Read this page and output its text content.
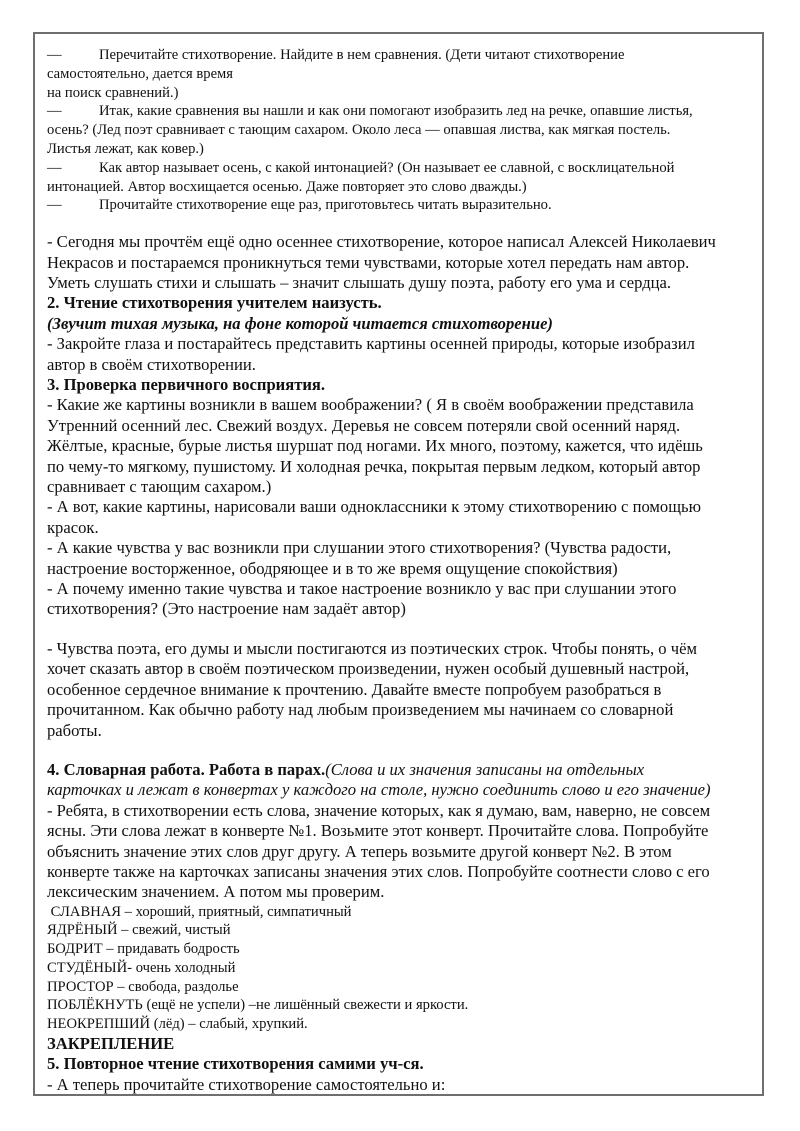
—	Перечитайте стихотворение. Найдите в нем сравнения. (Дети читают стихотворение

самостоятельно, дается время

на поиск сравнений.)

—	Итак, какие сравнения вы нашли и как они помогают изобразить лед на речке, опавшие листья,

осень? (Лед поэт сравнивает с тающим сахаром. Около леса — опавшая листва, как мягкая постель.

Листья лежат, как ковер.)

—	Как автор называет осень, с какой интонацией? (Он называет ее славной, с восклицательной

интонацией. Автор восхищается осенью. Даже повторяет это слово дважды.)

—	Прочитайте стихотворение еще раз, приготовьтесь читать выразительно.

- Сегодня мы прочтём ещё одно осеннее стихотворение, которое написал Алексей Николаевич

Некрасов и постараемся проникнуться теми чувствами, которые хотел передать нам автор.

Уметь слушать стихи и слышать – значит слышать душу поэта, работу его ума и сердца.

2. Чтение стихотворения учителем наизусть.

(Звучит тихая музыка, на фоне которой читается стихотворение)

- Закройте глаза и постарайтесь представить картины осенней природы, которые изобразил

автор в своём стихотворении.

3. Проверка первичного восприятия.

- Какие же картины возникли в вашем воображении? ( Я в своём воображении представила

Утренний осенний лес. Свежий воздух. Деревья не совсем потеряли свой осенний наряд.

Жёлтые, красные, бурые листья шуршат под ногами. Их много, поэтому, кажется, что идёшь

по чему-то мягкому, пушистому. И холодная речка, покрытая первым ледком, который автор

сравнивает с тающим сахаром.)

- А вот, какие картины, нарисовали ваши одноклассники к этому стихотворению с помощью

красок.

- А какие чувства у вас возникли при слушании этого стихотворения? (Чувства радости,

настроение восторженное, ободряющее и в то же время ощущение спокойствия)

- А почему именно такие чувства и такое настроение возникло у вас при слушании этого

стихотворения? (Это настроение нам задаёт автор)

- Чувства поэта, его думы и мысли постигаются из поэтических строк. Чтобы понять, о чём

хочет сказать автор в своём поэтическом произведении, нужен особый душевный настрой,

особенное сердечное внимание к прочтению. Давайте вместе попробуем разобраться в

прочитанном. Как обычно работу над любым произведением мы начинаем со словарной

работы.

4. Словарная работа. Работа в парах.(Слова и их значения записаны на отдельных

карточках и лежат в конвертах у каждого на столе, нужно соединить слово и его значение)

- Ребята, в стихотворении есть слова, значение которых, как я думаю, вам, наверно, не совсем

ясны. Эти слова лежат в конверте №1. Возьмите этот конверт. Прочитайте слова. Попробуйте

объяснить значение этих слов друг другу. А теперь возьмите другой конверт №2. В этом

конверте также на карточках записаны значения этих слов. Попробуйте соотнести слово с его

лексическим значением. А потом мы проверим.

СЛАВНАЯ – хороший, приятный, симпатичный

ЯДРЁНЫЙ – свежий, чистый

БОДРИТ – придавать бодрость

СТУДЁНЫЙ- очень холодный

ПРОСТОР – свобода, раздолье

ПОБЛЁКНУТЬ (ещё не успели) –не лишённый свежести и яркости.

НЕОКРЕПШИЙ (лёд) – слабый, хрупкий.

ЗАКРЕПЛЕНИЕ

5. Повторное чтение стихотворения самими уч-ся.

- А теперь прочитайте стихотворение самостоятельно и:
